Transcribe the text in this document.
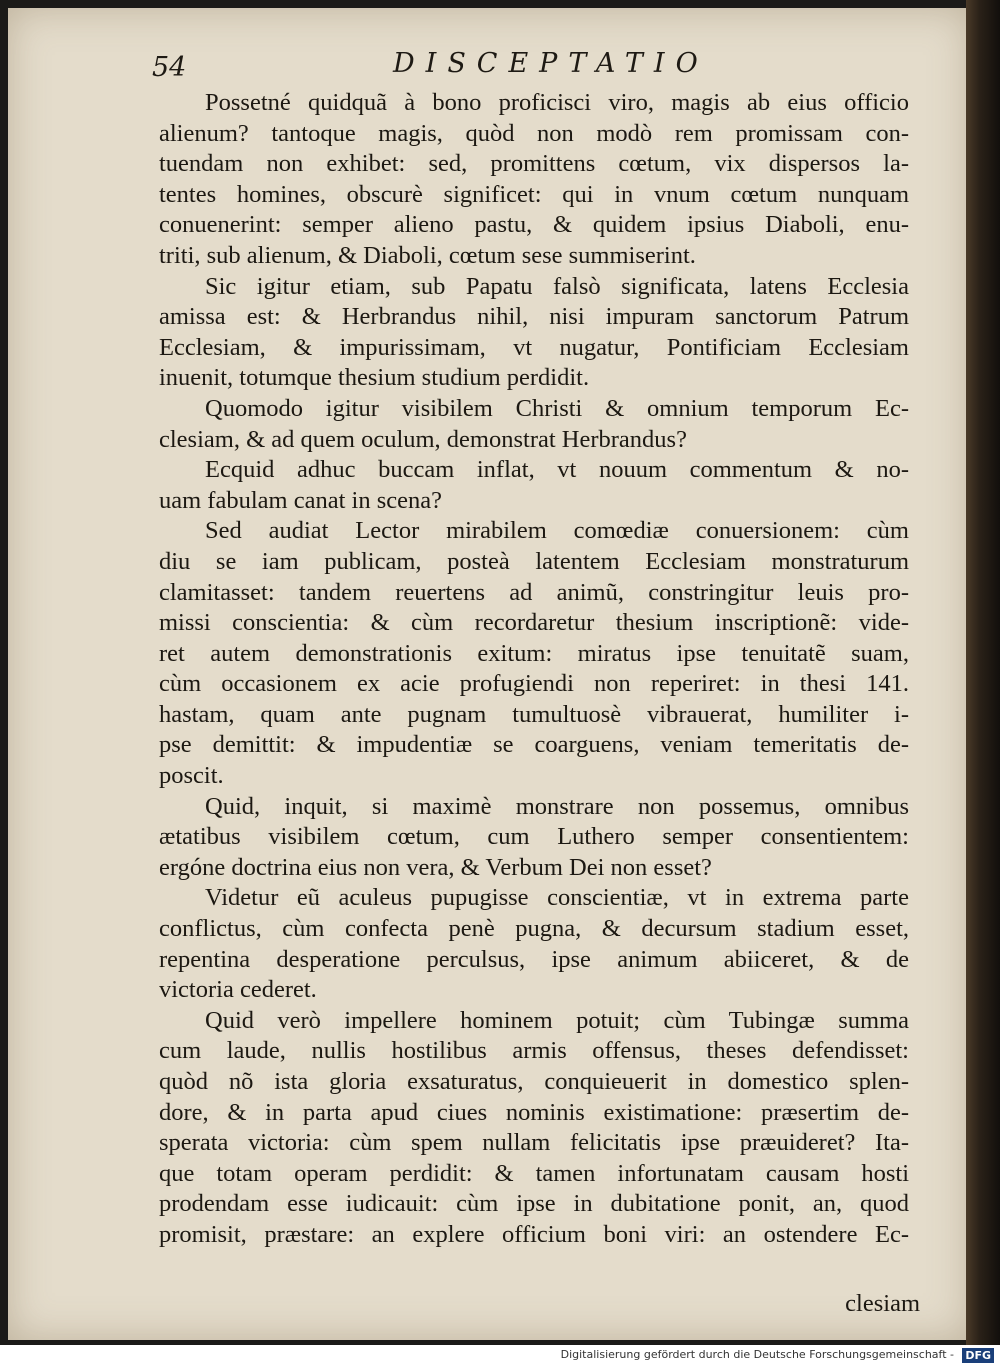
54	DISCEPTATIO
Possetné quidquã à bono proficisci viro, magis ab eius officio
alienum? tantoque magis, quòd non modò rem promissam con-
tuendam non exhibet: sed, promittens cœtum, vix dispersos la-
tentes homines, obscurè significet: qui in vnum cœtum nunquam
conuenerint: semper alieno pastu, & quidem ipsius Diaboli, enu-
triti, sub alienum, & Diaboli, cœtum sese summiserint.
Sic igitur etiam, sub Papatu falsò significata, latens Ecclesia
amissa est: & Herbrandus nihil, nisi impuram sanctorum Patrum
Ecclesiam, & impurissimam, vt nugatur, Pontificiam Ecclesiam
inuenit, totumque thesium studium perdidit.
Quomodo igitur visibilem Christi & omnium temporum Ec-
clesiam, & ad quem oculum, demonstrat Herbrandus?
Ecquid adhuc buccam inflat, vt nouum commentum & no-
uam fabulam canat in scena?
Sed audiat Lector mirabilem comœdiæ conuersionem: cùm
diu se iam publicam, posteà latentem Ecclesiam monstraturum
clamitasset: tandem reuertens ad animũ, constringitur leuis pro-
missi conscientia: & cùm recordaretur thesium inscriptionẽ: vide-
ret autem demonstrationis exitum: miratus ipse tenuitatẽ suam,
cùm occasionem ex acie profugiendi non reperiret: in thesi 141.
hastam, quam ante pugnam tumultuosè vibrauerat, humiliter i-
pse demittit: & impudentiæ se coarguens, veniam temeritatis de-
poscit.
Quid, inquit, si maximè monstrare non possemus, omnibus
ætatibus visibilem cœtum, cum Luthero semper consentientem:
ergóne doctrina eius non vera, & Verbum Dei non esset?
Videtur eũ aculeus pupugisse conscientiæ, vt in extrema parte
conflictus, cùm confecta penè pugna, & decursum stadium esset,
repentina desperatione perculsus, ipse animum abiiceret, & de
victoria cederet.
Quid verò impellere hominem potuit; cùm Tubingæ summa
cum laude, nullis hostilibus armis offensus, theses defendisset:
quòd nõ ista gloria exsaturatus, conquieuerit in domestico splen-
dore, & in parta apud ciues nominis existimatione: præsertim de-
sperata victoria: cùm spem nullam felicitatis ipse præuideret? Ita-
que totam operam perdidit: & tamen infortunatam causam hosti
prodendam esse iudicauit: cùm ipse in dubitatione ponit, an, quod
promisit, præstare: an explere officium boni viri: an ostendere Ec-
clesiam
Digitalisierung gefördert durch die Deutsche Forschungsgemeinschaft - DFG
